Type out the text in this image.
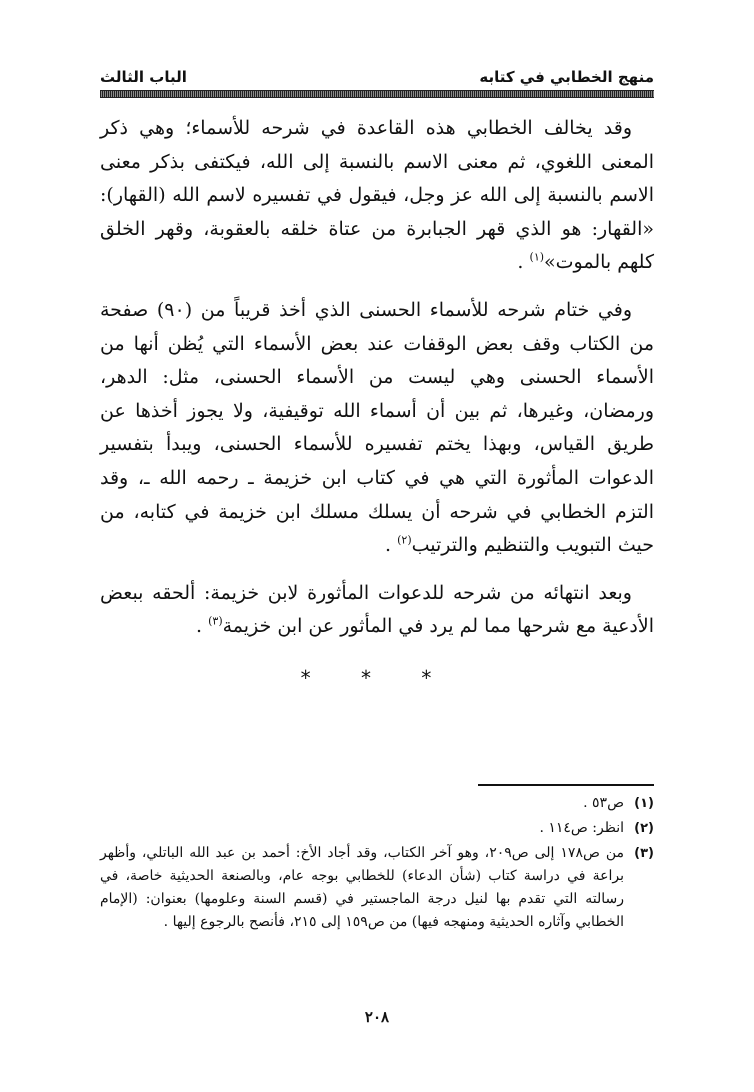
منهج الخطابي في كتابه
الباب الثالث

وقد يخالف الخطابي هذه القاعدة في شرحه للأسماء؛ وهي ذكر المعنى اللغوي، ثم معنى الاسم بالنسبة إلى الله، فيكتفى بذكر معنى الاسم بالنسبة إلى الله عز وجل، فيقول في تفسيره لاسم الله (القهار): «القهار: هو الذي قهر الجبابرة من عتاة خلقه بالعقوبة، وقهر الخلق كلهم بالموت»$^{(١)}$ .

وفي ختام شرحه للأسماء الحسنى الذي أخذ قريباً من (٩٠) صفحة من الكتاب وقف بعض الوقفات عند بعض الأسماء التي يُظن أنها من الأسماء الحسنى وهي ليست من الأسماء الحسنى، مثل: الدهر، ورمضان، وغيرها، ثم بين أن أسماء الله توقيفية، ولا يجوز أخذها عن طريق القياس، وبهذا يختم تفسيره للأسماء الحسنى، ويبدأ بتفسير الدعوات المأثورة التي هي في كتاب ابن خزيمة ـ رحمه الله ـ، وقد التزم الخطابي في شرحه أن يسلك مسلك ابن خزيمة في كتابه، من حيث التبويب والتنظيم والترتيب$^{(٢)}$ .

وبعد انتهائه من شرحه للدعوات المأثورة لابن خزيمة: ألحقه ببعض الأدعية مع شرحها مما لم يرد في المأثور عن ابن خزيمة$^{(٣)}$ .

* * *
(١)
ص٥٣ .
(٢)
انظر: ص١١٤ .
(٣)
من ص١٧٨ إلى ص٢٠٩، وهو آخر الكتاب، وقد أجاد الأخ: أحمد بن عبد الله الباتلي، وأظهر براعة في دراسة كتاب (شأن الدعاء) للخطابي بوجه عام، وبالصنعة الحديثية خاصة، في رسالته التي تقدم بها لنيل درجة الماجستير في (قسم السنة وعلومها) بعنوان: (الإمام الخطابي وآثاره الحديثية ومنهجه فيها) من ص١٥٩ إلى ٢١٥، فأنصح بالرجوع إليها .
٢٠٨
